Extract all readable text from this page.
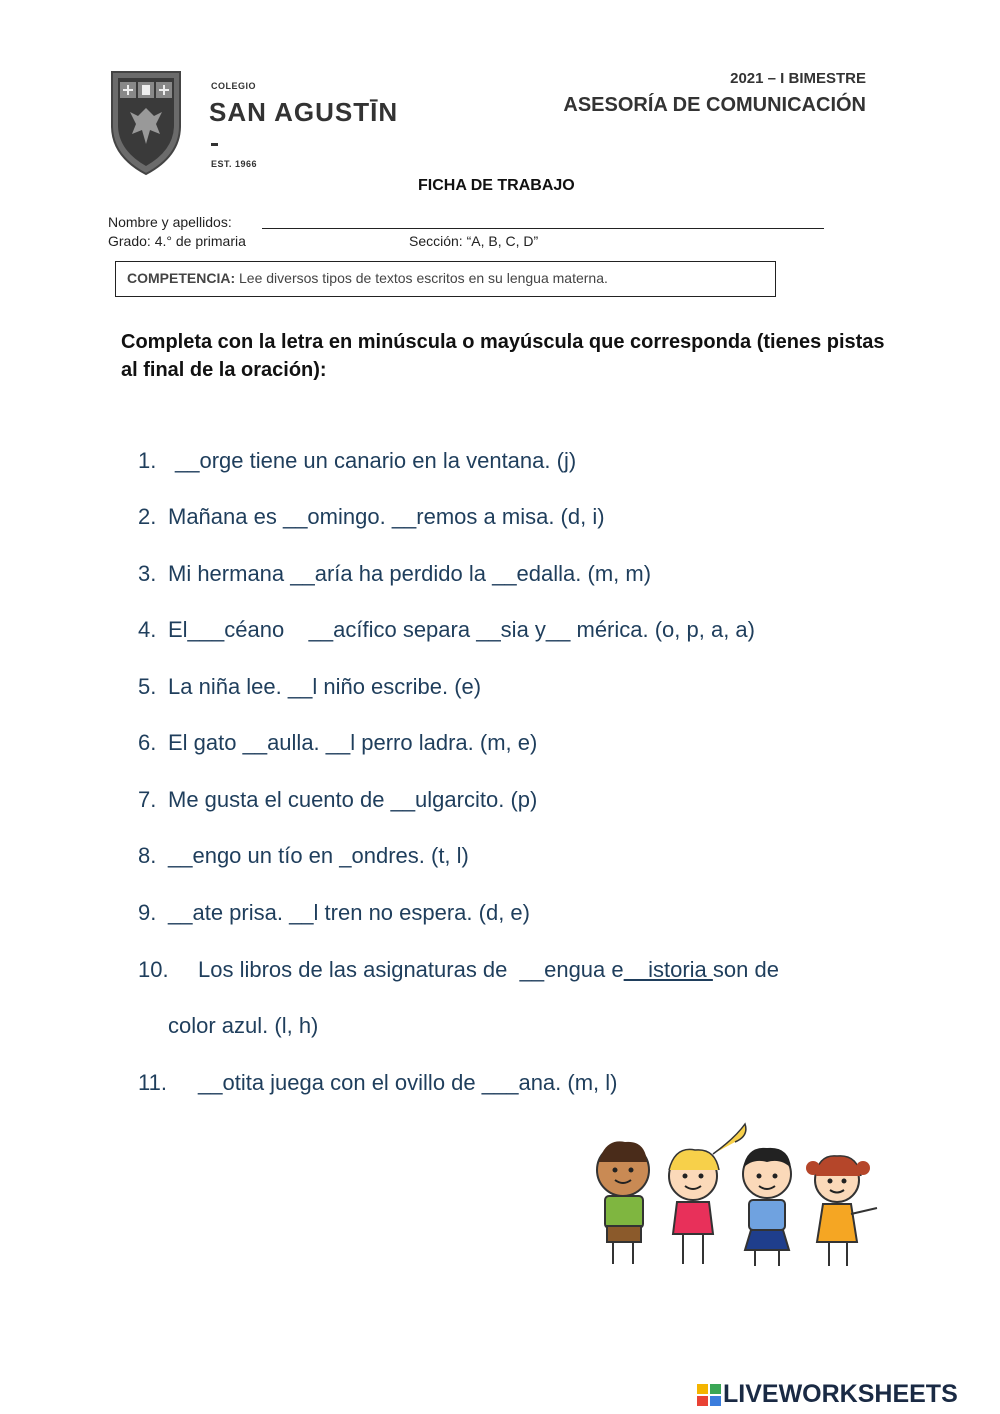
COLEGIO
SAN AGUSTĪN
EST. 1966
2021 – I BIMESTRE
ASESORÍA DE COMUNICACIÓN
FICHA DE TRABAJO
Nombre y apellidos:
Grado: 4.° de primaria	Sección: “A, B, C, D”
COMPETENCIA: Lee diversos tipos de textos escritos en su lengua materna.
Completa con la letra en minúscula o mayúscula que corresponda (tienes pistas al final de la oración):
1. __orge tiene un canario en la ventana. (j)
2. Mañana es __omingo. __remos a misa. (d, i)
3. Mi hermana __aría ha perdido la __edalla. (m, m)
4. El___céano    __acífico separa __sia y__ mérica. (o, p, a, a)
5. La niña lee. __l niño escribe. (e)
6. El gato __aulla. __l perro ladra. (m, e)
7. Me gusta el cuento de __ulgarcito. (p)
8. __engo un tío en _ondres. (t, l)
9. __ate prisa. __l tren no espera. (d, e)
10. Los libros de las asignaturas de  __engua e    istoria son de
color azul. (l, h)
11. __otita juega con el ovillo de ___ana. (m, l)
LIVEWORKSHEETS
